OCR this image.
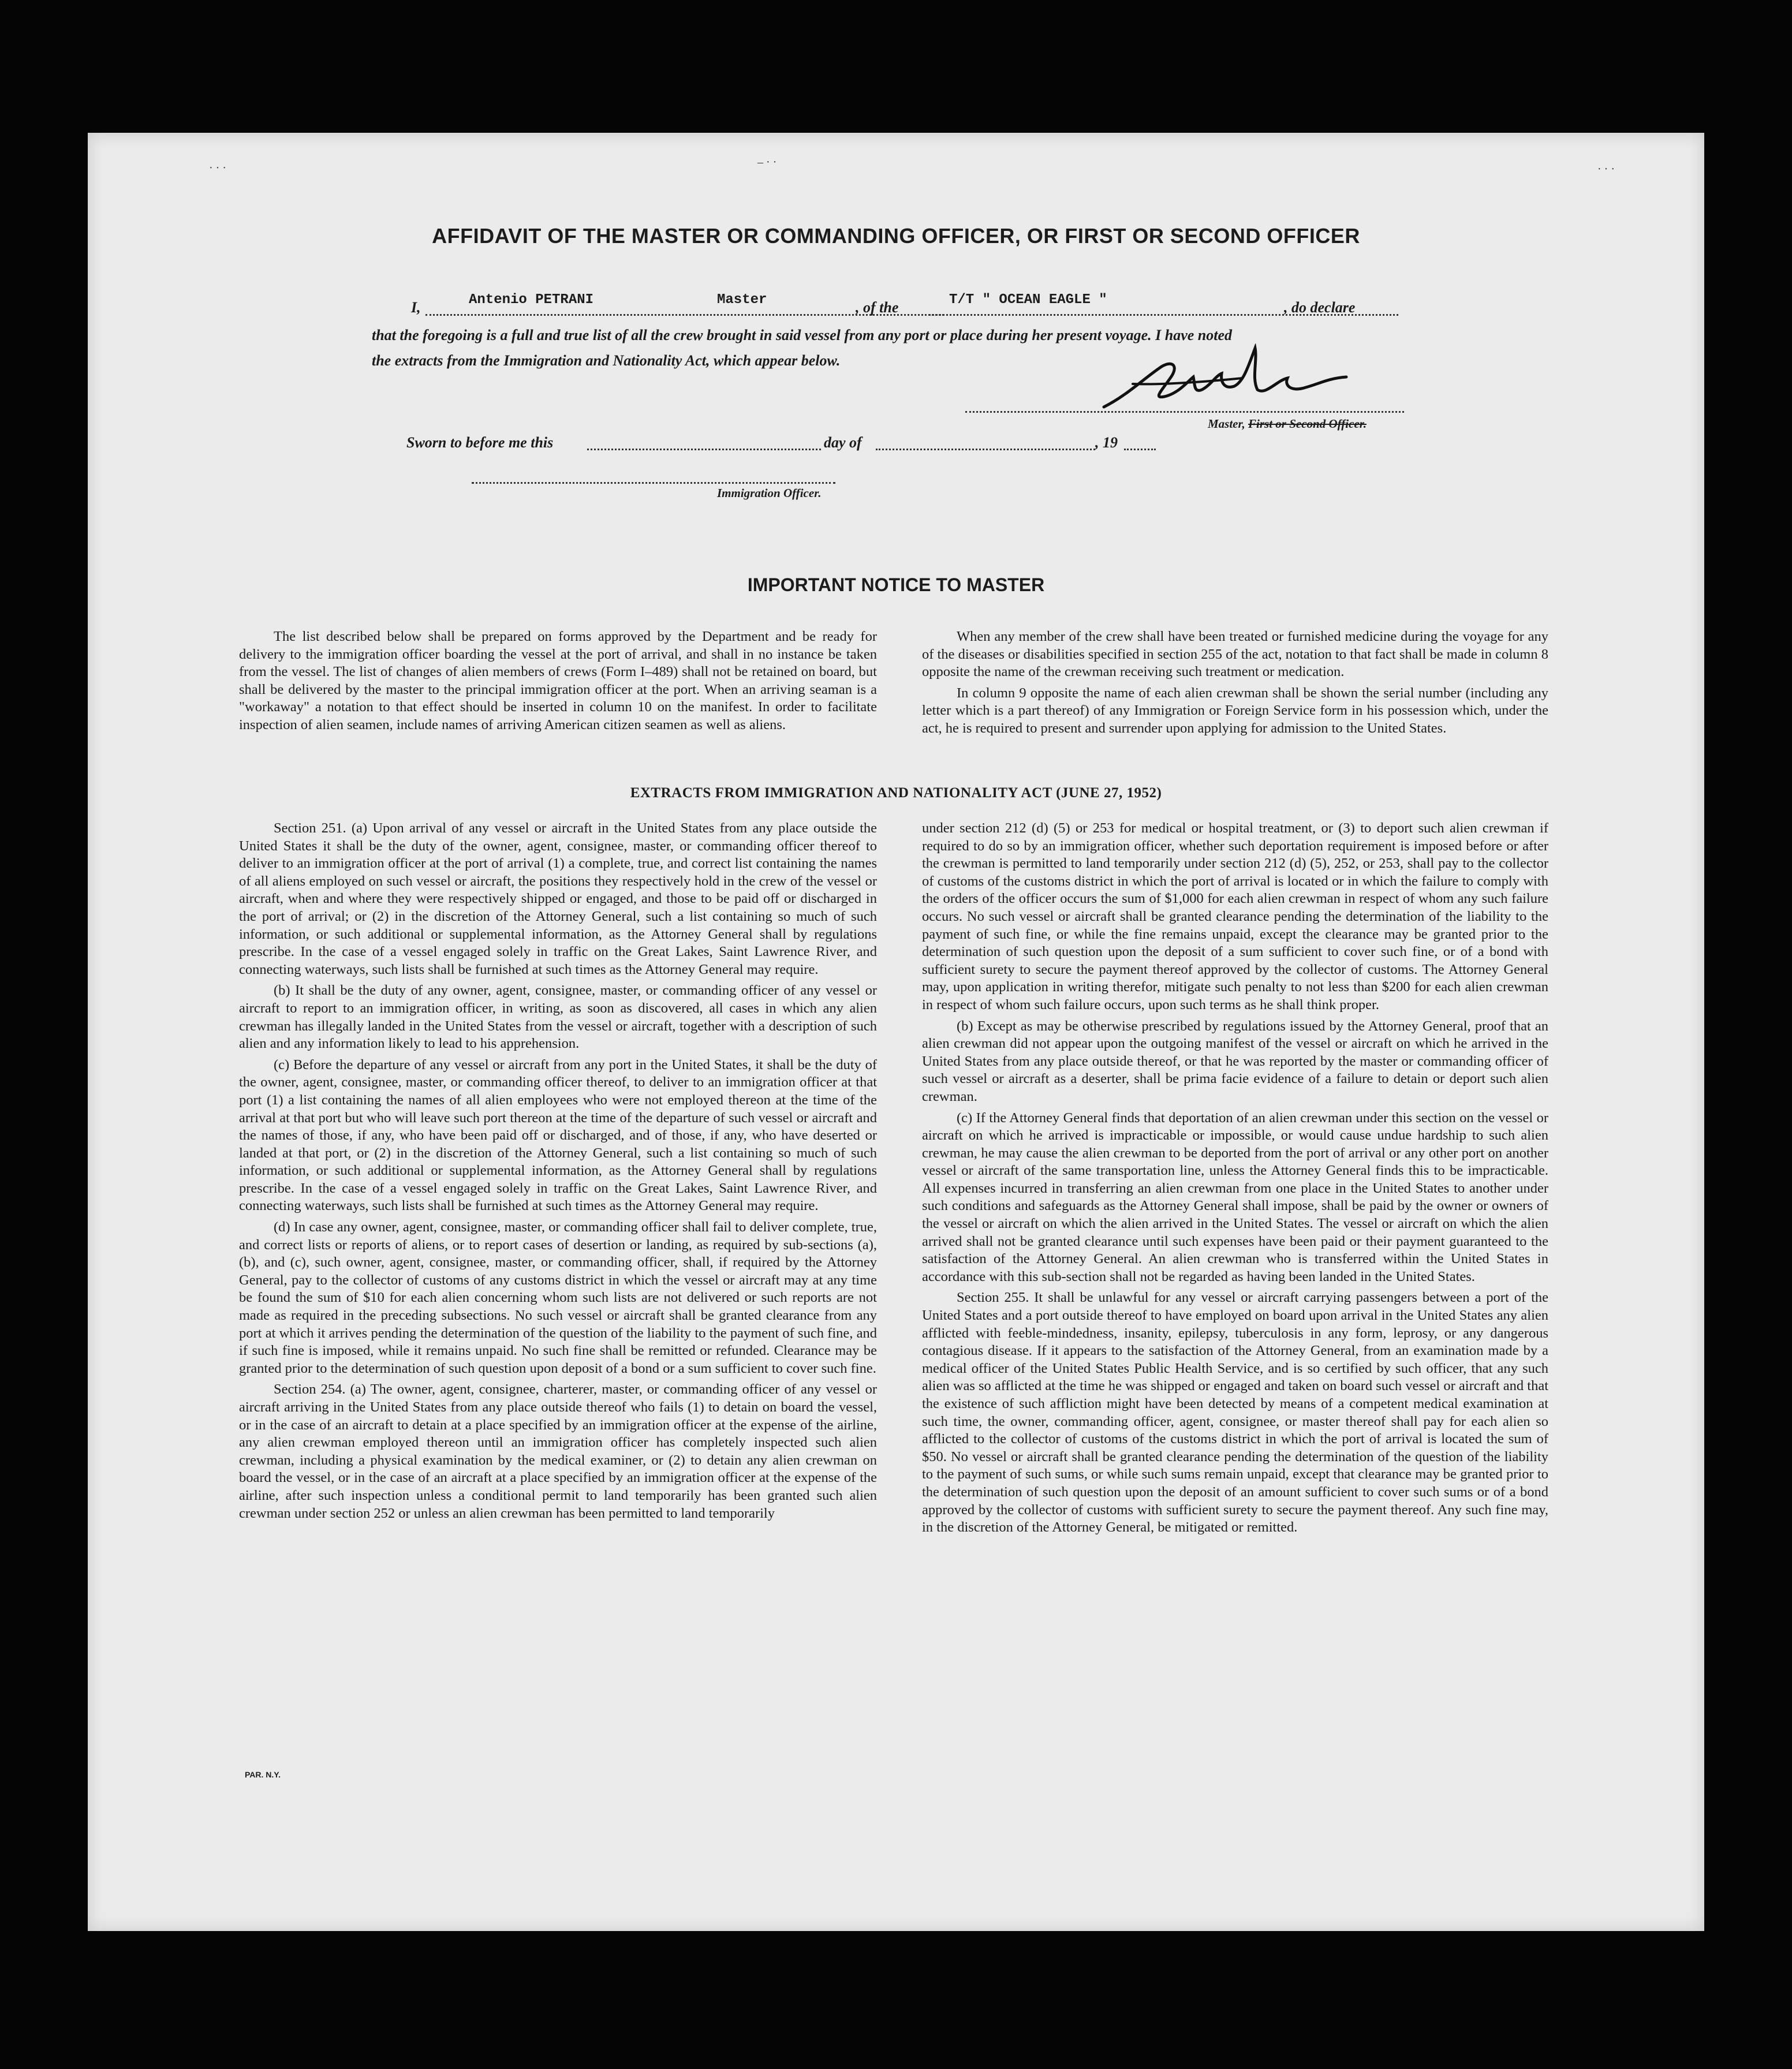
AFFIDAVIT OF THE MASTER OR COMMANDING OFFICER, OR FIRST OR SECOND OFFICER
I,	Antenio PETRANI	Master	, of the	T/T " OCEAN EAGLE "	, do declare
that the foregoing is a full and true list of all the crew brought in said vessel from any port or place during her present voyage. I have noted
the extracts from the Immigration and Nationality Act, which appear below.
Master, First or Second Officer.
Sworn to before me this	day of	, 19
Immigration Officer.
IMPORTANT NOTICE TO MASTER

The list described below shall be prepared on forms approved by the Department and be ready for delivery to the immigration officer boarding the vessel at the port of arrival, and shall in no instance be taken from the vessel. The list of changes of alien members of crews (Form I–489) shall not be retained on board, but shall be delivered by the master to the principal immigration officer at the port. When an arriving seaman is a "workaway" a notation to that effect should be inserted in column 10 on the manifest. In order to facilitate inspection of alien seamen, include names of arriving American citizen seamen as well as aliens.

When any member of the crew shall have been treated or furnished medicine during the voyage for any of the diseases or disabilities specified in section 255 of the act, notation to that fact shall be made in column 8 opposite the name of the crewman receiving such treatment or medication.

In column 9 opposite the name of each alien crewman shall be shown the serial number (including any letter which is a part thereof) of any Immigration or Foreign Service form in his possession which, under the act, he is required to present and surrender upon applying for admission to the United States.

EXTRACTS FROM IMMIGRATION AND NATIONALITY ACT (JUNE 27, 1952)

Section 251. (a) Upon arrival of any vessel or aircraft in the United States from any place outside the United States it shall be the duty of the owner, agent, consignee, master, or commanding officer thereof to deliver to an immigration officer at the port of arrival (1) a complete, true, and correct list containing the names of all aliens employed on such vessel or aircraft, the positions they respectively hold in the crew of the vessel or aircraft, when and where they were respectively shipped or engaged, and those to be paid off or discharged in the port of arrival; or (2) in the discretion of the Attorney General, such a list containing so much of such information, or such additional or supplemental information, as the Attorney General shall by regulations prescribe. In the case of a vessel engaged solely in traffic on the Great Lakes, Saint Lawrence River, and connecting waterways, such lists shall be furnished at such times as the Attorney General may require.

(b) It shall be the duty of any owner, agent, consignee, master, or commanding officer of any vessel or aircraft to report to an immigration officer, in writing, as soon as discovered, all cases in which any alien crewman has illegally landed in the United States from the vessel or aircraft, together with a description of such alien and any information likely to lead to his apprehension.

(c) Before the departure of any vessel or aircraft from any port in the United States, it shall be the duty of the owner, agent, consignee, master, or commanding officer thereof, to deliver to an immigration officer at that port (1) a list containing the names of all alien employees who were not employed thereon at the time of the arrival at that port but who will leave such port thereon at the time of the departure of such vessel or aircraft and the names of those, if any, who have been paid off or discharged, and of those, if any, who have deserted or landed at that port, or (2) in the discretion of the Attorney General, such a list containing so much of such information, or such additional or supplemental information, as the Attorney General shall by regulations prescribe. In the case of a vessel engaged solely in traffic on the Great Lakes, Saint Lawrence River, and connecting waterways, such lists shall be furnished at such times as the Attorney General may require.

(d) In case any owner, agent, consignee, master, or commanding officer shall fail to deliver complete, true, and correct lists or reports of aliens, or to report cases of desertion or landing, as required by sub-sections (a), (b), and (c), such owner, agent, consignee, master, or commanding officer, shall, if required by the Attorney General, pay to the collector of customs of any customs district in which the vessel or aircraft may at any time be found the sum of $10 for each alien concerning whom such lists are not delivered or such reports are not made as required in the preceding subsections. No such vessel or aircraft shall be granted clearance from any port at which it arrives pending the determination of the question of the liability to the payment of such fine, and if such fine is imposed, while it remains unpaid. No such fine shall be remitted or refunded. Clearance may be granted prior to the determination of such question upon deposit of a bond or a sum sufficient to cover such fine.

Section 254. (a) The owner, agent, consignee, charterer, master, or commanding officer of any vessel or aircraft arriving in the United States from any place outside thereof who fails (1) to detain on board the vessel, or in the case of an aircraft to detain at a place specified by an immigration officer at the expense of the airline, any alien crewman employed thereon until an immigration officer has completely inspected such alien crewman, including a physical examination by the medical examiner, or (2) to detain any alien crewman on board the vessel, or in the case of an aircraft at a place specified by an immigration officer at the expense of the airline, after such inspection unless a conditional permit to land temporarily has been granted such alien crewman under section 252 or unless an alien crewman has been permitted to land temporarily

under section 212 (d) (5) or 253 for medical or hospital treatment, or (3) to deport such alien crewman if required to do so by an immigration officer, whether such deportation requirement is imposed before or after the crewman is permitted to land temporarily under section 212 (d) (5), 252, or 253, shall pay to the collector of customs of the customs district in which the port of arrival is located or in which the failure to comply with the orders of the officer occurs the sum of $1,000 for each alien crewman in respect of whom any such failure occurs. No such vessel or aircraft shall be granted clearance pending the determination of the liability to the payment of such fine, or while the fine remains unpaid, except the clearance may be granted prior to the determination of such question upon the deposit of a sum sufficient to cover such fine, or of a bond with sufficient surety to secure the payment thereof approved by the collector of customs. The Attorney General may, upon application in writing therefor, mitigate such penalty to not less than $200 for each alien crewman in respect of whom such failure occurs, upon such terms as he shall think proper.

(b) Except as may be otherwise prescribed by regulations issued by the Attorney General, proof that an alien crewman did not appear upon the outgoing manifest of the vessel or aircraft on which he arrived in the United States from any place outside thereof, or that he was reported by the master or commanding officer of such vessel or aircraft as a deserter, shall be prima facie evidence of a failure to detain or deport such alien crewman.

(c) If the Attorney General finds that deportation of an alien crewman under this section on the vessel or aircraft on which he arrived is impracticable or impossible, or would cause undue hardship to such alien crewman, he may cause the alien crewman to be deported from the port of arrival or any other port on another vessel or aircraft of the same transportation line, unless the Attorney General finds this to be impracticable. All expenses incurred in transferring an alien crewman from one place in the United States to another under such conditions and safeguards as the Attorney General shall impose, shall be paid by the owner or owners of the vessel or aircraft on which the alien arrived in the United States. The vessel or aircraft on which the alien arrived shall not be granted clearance until such expenses have been paid or their payment guaranteed to the satisfaction of the Attorney General. An alien crewman who is transferred within the United States in accordance with this sub-section shall not be regarded as having been landed in the United States.

Section 255. It shall be unlawful for any vessel or aircraft carrying passengers between a port of the United States and a port outside thereof to have employed on board upon arrival in the United States any alien afflicted with feeble-mindedness, insanity, epilepsy, tuberculosis in any form, leprosy, or any dangerous contagious disease. If it appears to the satisfaction of the Attorney General, from an examination made by a medical officer of the United States Public Health Service, and is so certified by such officer, that any such alien was so afflicted at the time he was shipped or engaged and taken on board such vessel or aircraft and that the existence of such affliction might have been detected by means of a competent medical examination at such time, the owner, commanding officer, agent, consignee, or master thereof shall pay for each alien so afflicted to the collector of customs of the customs district in which the port of arrival is located the sum of $50. No vessel or aircraft shall be granted clearance pending the determination of the question of the liability to the payment of such sums, or while such sums remain unpaid, except that clearance may be granted prior to the determination of such question upon the deposit of an amount sufficient to cover such sums or of a bond approved by the collector of customs with sufficient surety to secure the payment thereof. Any such fine may, in the discretion of the Attorney General, be mitigated or remitted.

PAR. N.Y.
· · ·	– · ·
· · ·
